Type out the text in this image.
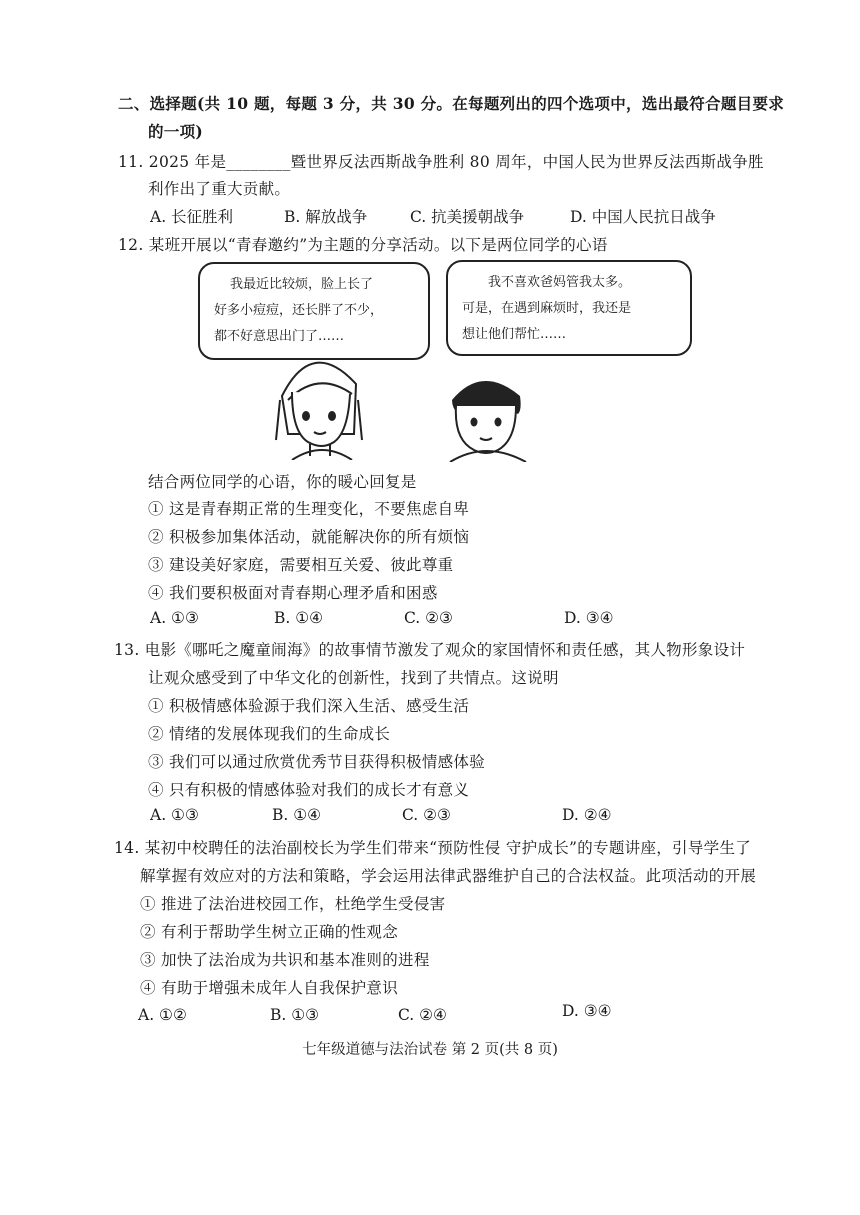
二、选择题(共 10 题，每题 3 分，共 30 分。在每题列出的四个选项中，选出最符合题目要求
的一项)
11. 2025 年是________暨世界反法西斯战争胜利 80 周年，中国人民为世界反法西斯战争胜
利作出了重大贡献。
A. 长征胜利	B. 解放战争	C. 抗美援朝战争	D. 中国人民抗日战争
12. 某班开展以“青春邀约”为主题的分享活动。以下是两位同学的心语
我最近比较烦，脸上长了
好多小痘痘，还长胖了不少，
都不好意思出门了……
我不喜欢爸妈管我太多。
可是，在遇到麻烦时，我还是
想让他们帮忙……
结合两位同学的心语，你的暖心回复是
① 这是青春期正常的生理变化，不要焦虑自卑
② 积极参加集体活动，就能解决你的所有烦恼
③ 建设美好家庭，需要相互关爱、彼此尊重
④ 我们要积极面对青春期心理矛盾和困惑
A. ①③	B. ①④	C. ②③	D. ③④
13. 电影《哪吒之魔童闹海》的故事情节激发了观众的家国情怀和责任感，其人物形象设计
让观众感受到了中华文化的创新性，找到了共情点。这说明
① 积极情感体验源于我们深入生活、感受生活
② 情绪的发展体现我们的生命成长
③ 我们可以通过欣赏优秀节目获得积极情感体验
④ 只有积极的情感体验对我们的成长才有意义
A. ①③	B. ①④	C. ②③	D. ②④
14. 某初中校聘任的法治副校长为学生们带来“预防性侵 守护成长”的专题讲座，引导学生了
解掌握有效应对的方法和策略，学会运用法律武器维护自己的合法权益。此项活动的开展
① 推进了法治进校园工作，杜绝学生受侵害
② 有利于帮助学生树立正确的性观念
③ 加快了法治成为共识和基本准则的进程
④ 有助于增强未成年人自我保护意识
A. ①②	B. ①③	C. ②④	D. ③④
七年级道德与法治试卷 第 2 页(共 8 页)
